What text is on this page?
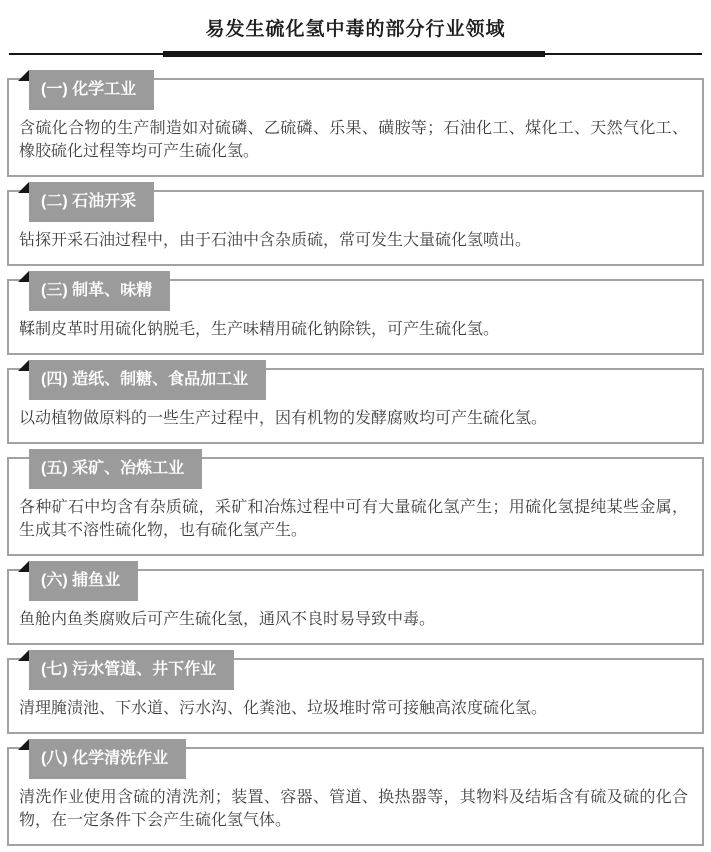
易发生硫化氢中毒的部分行业领域
(一) 化学工业

含硫化合物的生产制造如对硫磷、乙硫磷、乐果、磺胺等；石油化工、煤化工、天然气化工、橡胶硫化过程等均可产生硫化氢。

(二) 石油开采

钻探开采石油过程中，由于石油中含杂质硫，常可发生大量硫化氢喷出。

(三) 制革、味精

鞣制皮革时用硫化钠脱毛，生产味精用硫化钠除铁，可产生硫化氢。

(四) 造纸、制糖、食品加工业

以动植物做原料的一些生产过程中，因有机物的发酵腐败均可产生硫化氢。

(五) 采矿、冶炼工业

各种矿石中均含有杂质硫，采矿和冶炼过程中可有大量硫化氢产生；用硫化氢提纯某些金属，生成其不溶性硫化物，也有硫化氢产生。

(六) 捕鱼业

鱼舱内鱼类腐败后可产生硫化氢，通风不良时易导致中毒。

(七) 污水管道、井下作业

清理腌渍池、下水道、污水沟、化粪池、垃圾堆时常可接触高浓度硫化氢。

(八) 化学清洗作业

清洗作业使用含硫的清洗剂；装置、容器、管道、换热器等，其物料及结垢含有硫及硫的化合物，在一定条件下会产生硫化氢气体。
